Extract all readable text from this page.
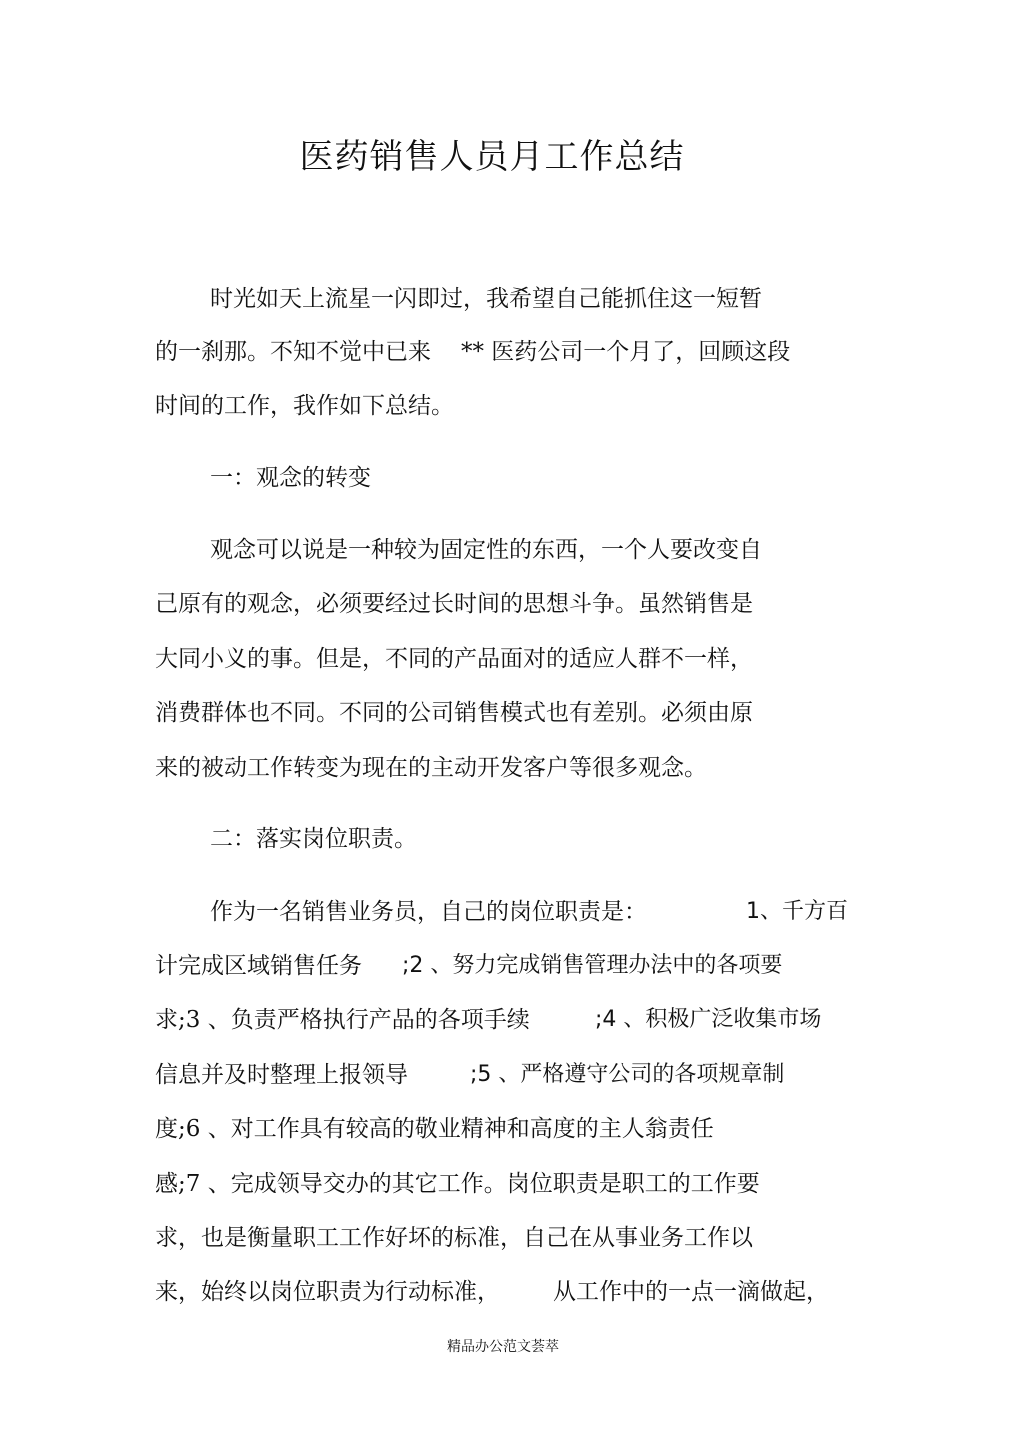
医药销售人员月工作总结
时光如天上流星一闪即过，我希望自己能抓住这一短暂
的一刹那。不知不觉中已来 ** 医药公司一个月了，回顾这段
时间的工作，我作如下总结。
一：观念的转变
观念可以说是一种较为固定性的东西，一个人要改变自
己原有的观念，必须要经过长时间的思想斗争。虽然销售是
大同小义的事。但是，不同的产品面对的适应人群不一样，
消费群体也不同。不同的公司销售模式也有差别。必须由原
来的被动工作转变为现在的主动开发客户等很多观念。
二：落实岗位职责。
作为一名销售业务员，自己的岗位职责是：	1、千方百
计完成区域销售任务 ;2 、努力完成销售管理办法中的各项要
求;3 、负责严格执行产品的各项手续	;4 、积极广泛收集市场
信息并及时整理上报领导	;5 、严格遵守公司的各项规章制
度;6 、对工作具有较高的敬业精神和高度的主人翁责任
感;7 、完成领导交办的其它工作。岗位职责是职工的工作要
求，也是衡量职工工作好坏的标准，自己在从事业务工作以
来，始终以岗位职责为行动标准， 从工作中的一点一滴做起，
精品办公范文荟萃
